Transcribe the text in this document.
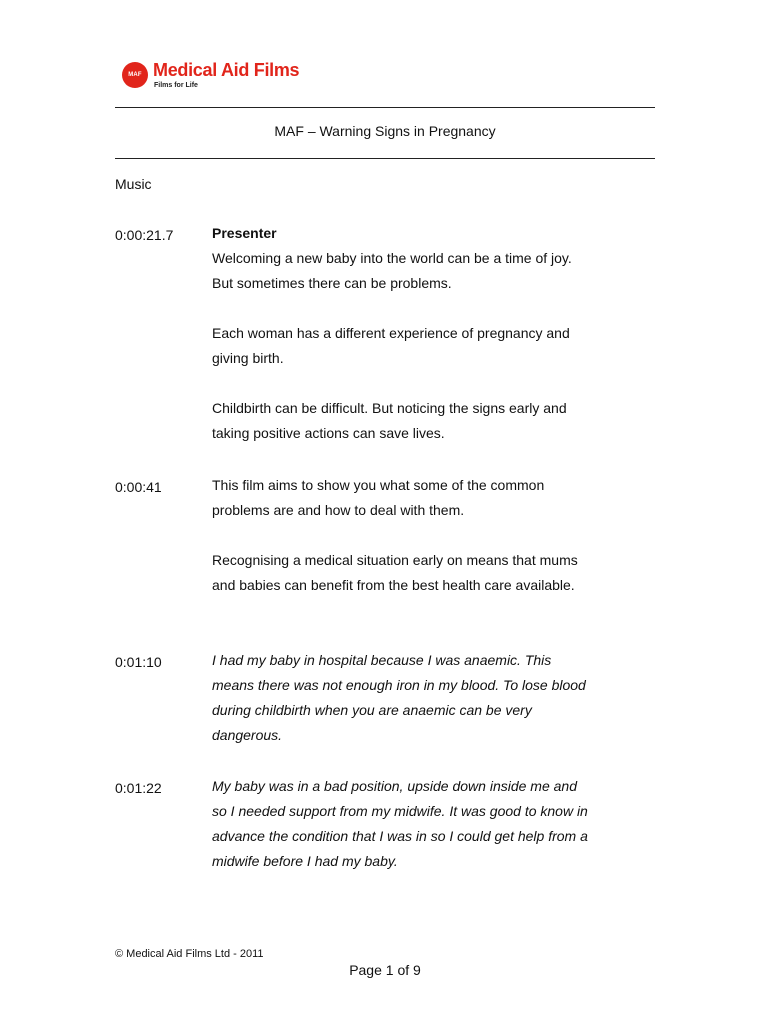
MAF Medical Aid Films
Films for Life
MAF – Warning Signs in Pregnancy
Music
0:00:21.7	Presenter
Welcoming a new baby into the world can be a time of joy.
But sometimes there can be problems.
Each woman has a different experience of pregnancy and
giving birth.
Childbirth can be difficult. But noticing the signs early and
taking positive actions can save lives.
0:00:41	This film aims to show you what some of the common
problems are and how to deal with them.
Recognising a medical situation early on means that mums
and babies can benefit from the best health care available.
0:01:10	I had my baby in hospital because I was anaemic. This
means there was not enough iron in my blood. To lose blood
during childbirth when you are anaemic can be very
dangerous.
0:01:22	My baby was in a bad position, upside down inside me and
so I needed support from my midwife. It was good to know in
advance the condition that I was in so I could get help from a
midwife before I had my baby.
© Medical Aid Films Ltd - 2011
Page 1 of 9
